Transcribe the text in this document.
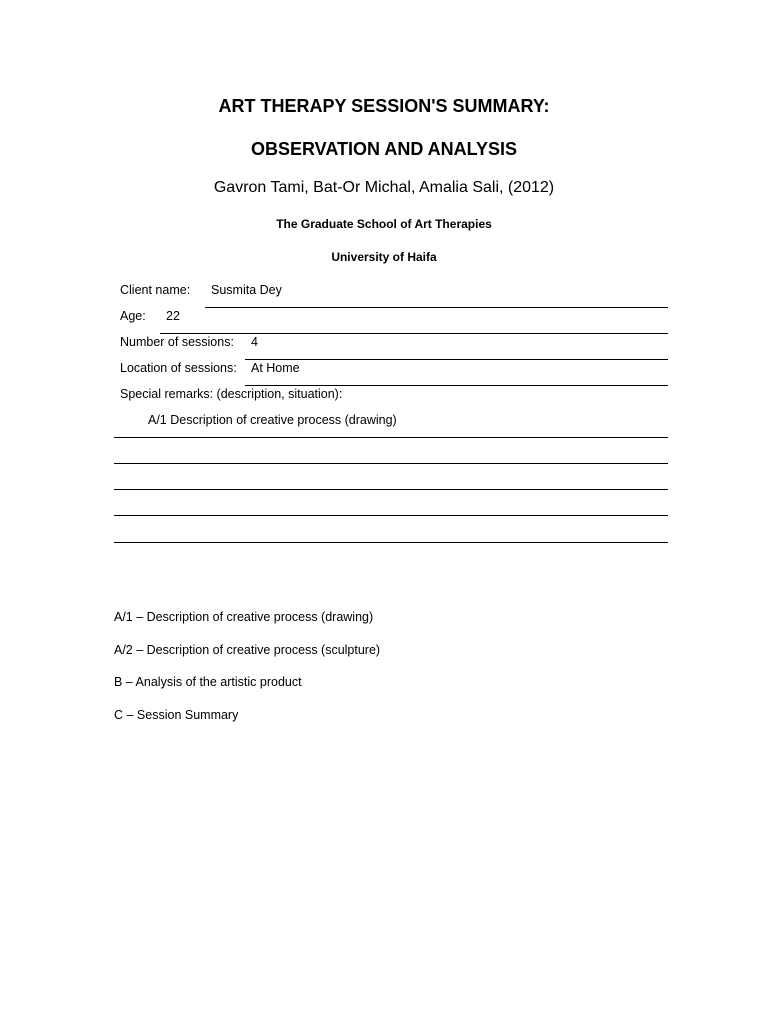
ART THERAPY SESSION'S SUMMARY:
OBSERVATION AND ANALYSIS
Gavron Tami, Bat-Or Michal, Amalia Sali, (2012)
The Graduate School of Art Therapies
University of Haifa
Client name: Susmita Dey
Age: 22
Number of sessions: 4
Location of sessions: At Home
Special remarks: (description, situation):
A/1 Description of creative process (drawing)
A/1 – Description of creative process (drawing)
A/2 – Description of creative process (sculpture)
B – Analysis of the artistic product
C – Session Summary
